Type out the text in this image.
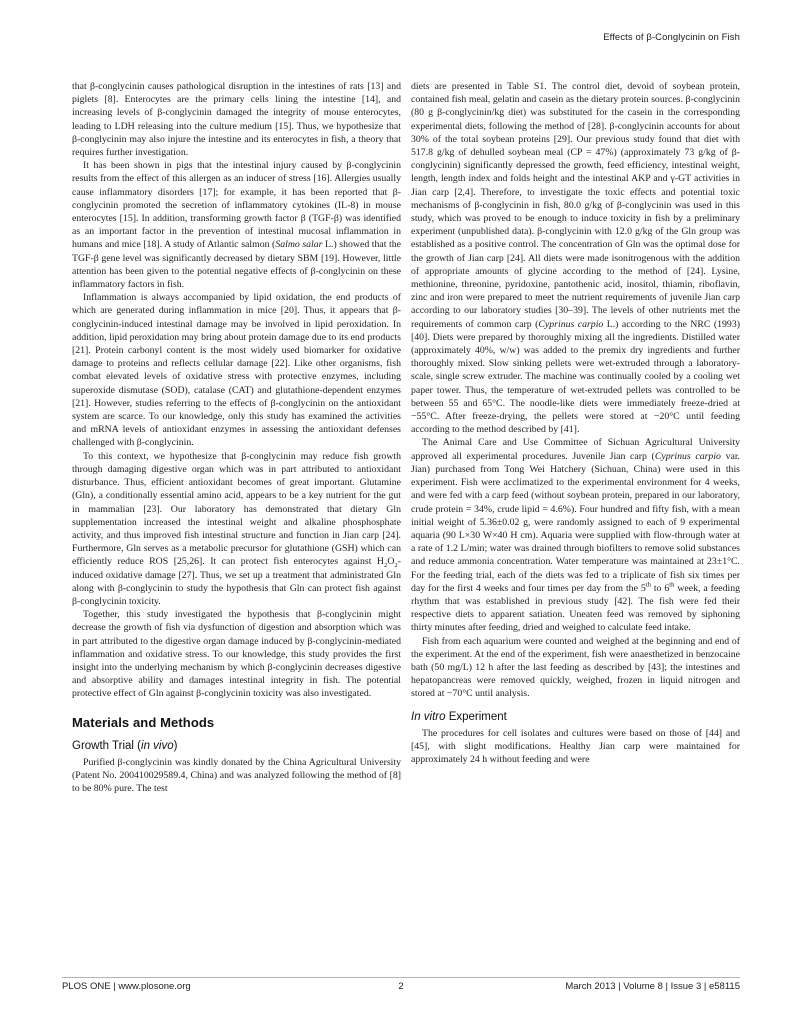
Effects of β-Conglycinin on Fish

that β-conglycinin causes pathological disruption in the intestines of rats [13] and piglets [8]. Enterocytes are the primary cells lining the intestine [14], and increasing levels of β-conglycinin damaged the integrity of mouse enterocytes, leading to LDH releasing into the culture medium [15]. Thus, we hypothesize that β-conglycinin may also injure the intestine and its enterocytes in fish, a theory that requires further investigation.

It has been shown in pigs that the intestinal injury caused by β-conglycinin results from the effect of this allergen as an inducer of stress [16]. Allergies usually cause inflammatory disorders [17]; for example, it has been reported that β-conglycinin promoted the secretion of inflammatory cytokines (IL-8) in mouse enterocytes [15]. In addition, transforming growth factor β (TGF-β) was identified as an important factor in the prevention of intestinal mucosal inflammation in humans and mice [18]. A study of Atlantic salmon (Salmo salar L.) showed that the TGF-β gene level was significantly decreased by dietary SBM [19]. However, little attention has been given to the potential negative effects of β-conglycinin on these inflammatory factors in fish.

Inflammation is always accompanied by lipid oxidation, the end products of which are generated during inflammation in mice [20]. Thus, it appears that β-conglycinin-induced intestinal damage may be involved in lipid peroxidation. In addition, lipid peroxidation may bring about protein damage due to its end products [21]. Protein carbonyl content is the most widely used biomarker for oxidative damage to proteins and reflects cellular damage [22]. Like other organisms, fish combat elevated levels of oxidative stress with protective enzymes, including superoxide dismutase (SOD), catalase (CAT) and glutathione-dependent enzymes [21]. However, studies referring to the effects of β-conglycinin on the antioxidant system are scarce. To our knowledge, only this study has examined the activities and mRNA levels of antioxidant enzymes in assessing the antioxidant defenses challenged with β-conglycinin.

To this context, we hypothesize that β-conglycinin may reduce fish growth through damaging digestive organ which was in part attributed to antioxidant disturbance. Thus, efficient antioxidant becomes of great important. Glutamine (Gln), a conditionally essential amino acid, appears to be a key nutrient for the gut in mammalian [23]. Our laboratory has demonstrated that dietary Gln supplementation increased the intestinal weight and alkaline phosphosphate activity, and thus improved fish intestinal structure and function in Jian carp [24]. Furthermore, Gln serves as a metabolic precursor for glutathione (GSH) which can efficiently reduce ROS [25,26]. It can protect fish enterocytes against $H_2O_2$-induced oxidative damage [27]. Thus, we set up a treatment that administrated Gln along with β-conglycinin to study the hypothesis that Gln can protect fish against β-conglycinin toxicity.

Together, this study investigated the hypothesis that β-conglycinin might decrease the growth of fish via dysfunction of digestion and absorption which was in part attributed to the digestive organ damage induced by β-conglycinin-mediated inflammation and oxidative stress. To our knowledge, this study provides the first insight into the underlying mechanism by which β-conglycinin decreases digestive and absorptive ability and damages intestinal integrity in fish. The potential protective effect of Gln against β-conglycinin toxicity was also investigated.

Materials and Methods
Growth Trial (in vivo)

Purified β-conglycinin was kindly donated by the China Agricultural University (Patent No. 200410029589.4, China) and was analyzed following the method of [8] to be 80% pure. The test

diets are presented in Table S1. The control diet, devoid of soybean protein, contained fish meal, gelatin and casein as the dietary protein sources. β-conglycinin (80 g β-conglycinin/kg diet) was substituted for the casein in the corresponding experimental diets, following the method of [28]. β-conglycinin accounts for about 30% of the total soybean proteins [29]. Our previous study found that diet with 517.8 g/kg of dehulled soybean meal (CP = 47%) (approximately 73 g/kg of β-conglycinin) significantly depressed the growth, feed efficiency, intestinal weight, length, length index and folds height and the intestinal AKP and γ-GT activities in Jian carp [2,4]. Therefore, to investigate the toxic effects and potential toxic mechanisms of β-conglycinin in fish, 80.0 g/kg of β-conglycinin was used in this study, which was proved to be enough to induce toxicity in fish by a preliminary experiment (unpublished data). β-conglycinin with 12.0 g/kg of the Gln group was established as a positive control. The concentration of Gln was the optimal dose for the growth of Jian carp [24]. All diets were made isonitrogenous with the addition of appropriate amounts of glycine according to the method of [24]. Lysine, methionine, threonine, pyridoxine, pantothenic acid, inositol, thiamin, riboflavin, zinc and iron were prepared to meet the nutrient requirements of juvenile Jian carp according to our laboratory studies [30–39]. The levels of other nutrients met the requirements of common carp (Cyprinus carpio L.) according to the NRC (1993) [40]. Diets were prepared by thoroughly mixing all the ingredients. Distilled water (approximately 40%, w/w) was added to the premix dry ingredients and further thoroughly mixed. Slow sinking pellets were wet-extruded through a laboratory-scale, single screw extruder. The machine was continually cooled by a cooling wet paper tower. Thus, the temperature of wet-extruded pellets was controlled to be between 55 and 65°C. The noodle-like diets were immediately freeze-dried at −55°C. After freeze-drying, the pellets were stored at −20°C until feeding according to the method described by [41].

The Animal Care and Use Committee of Sichuan Agricultural University approved all experimental procedures. Juvenile Jian carp (Cyprinus carpio var. Jian) purchased from Tong Wei Hatchery (Sichuan, China) were used in this experiment. Fish were acclimatized to the experimental environment for 4 weeks, and were fed with a carp feed (without soybean protein, prepared in our laboratory, crude protein = 34%, crude lipid = 4.6%). Four hundred and fifty fish, with a mean initial weight of 5.36±0.02 g, were randomly assigned to each of 9 experimental aquaria (90 L×30 W×40 H cm). Aquaria were supplied with flow-through water at a rate of 1.2 L/min; water was drained through biofilters to remove solid substances and reduce ammonia concentration. Water temperature was maintained at 23±1°C. For the feeding trial, each of the diets was fed to a triplicate of fish six times per day for the first 4 weeks and four times per day from the 5th to 6th week, a feeding rhythm that was established in previous study [42]. The fish were fed their respective diets to apparent satiation. Uneaten feed was removed by siphoning thirty minutes after feeding, dried and weighed to calculate feed intake.

Fish from each aquarium were counted and weighed at the beginning and end of the experiment. At the end of the experiment, fish were anaesthetized in benzocaine bath (50 mg/L) 12 h after the last feeding as described by [43]; the intestines and hepatopancreas were removed quickly, weighed, frozen in liquid nitrogen and stored at −70°C until analysis.

In vitro Experiment

The procedures for cell isolates and cultures were based on those of [44] and [45], with slight modifications. Healthy Jian carp were maintained for approximately 24 h without feeding and were

PLOS ONE | www.plosone.org	2	March 2013 | Volume 8 | Issue 3 | e58115
